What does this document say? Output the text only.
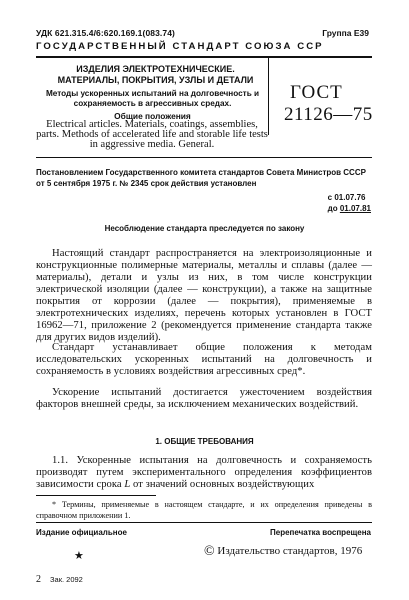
УДК 621.315.4/6:620.169.1(083.74)	Группа Е39
ГОСУДАРСТВЕННЫЙ СТАНДАРТ СОЮЗА ССР
ИЗДЕЛИЯ ЭЛЕКТРОТЕХНИЧЕСКИЕ. МАТЕРИАЛЫ, ПОКРЫТИЯ, УЗЛЫ И ДЕТАЛИ
Методы ускоренных испытаний на долговечность и сохраняемость в агрессивных средах.
Общие положения
Electrical articles. Materials, coatings, assemblies, parts. Methods of accelerated life and storable life tests in aggressive media. General.
ГОСТ
21126—75
Постановлением Государственного комитета стандартов Совета Министров СССР от 5 сентября 1975 г. № 2345 срок действия установлен
с 01.07.76
до 01.07.81
Несоблюдение стандарта преследуется по закону
Настоящий стандарт распространяется на электроизоляционные и конструкционные полимерные материалы, металлы и сплавы (далее — материалы), детали и узлы из них, в том числе конструкции электрической изоляции (далее — конструкции), а также на защитные покрытия от коррозии (далее — покрытия), применяемые в электротехнических изделиях, перечень которых установлен в ГОСТ 16962—71, приложение 2 (рекомендуется применение стандарта также для других видов изделий).
Стандарт устанавливает общие положения к методам исследовательских ускоренных испытаний на долговечность и сохраняемость в условиях воздействия агрессивных сред*.
Ускорение испытаний достигается ужесточением воздействия факторов внешней среды, за исключением механических воздействий.
1. ОБЩИЕ ТРЕБОВАНИЯ
1.1. Ускоренные испытания на долговечность и сохраняемость производят путем экспериментального определения коэффициентов зависимости срока L от значений основных воздействующих
* Термины, применяемые в настоящем стандарте, и их определения приведены в справочном приложении 1.
Издание официальное	Перепечатка воспрещена
★	© Издательство стандартов, 1976
2 Зак. 2092
